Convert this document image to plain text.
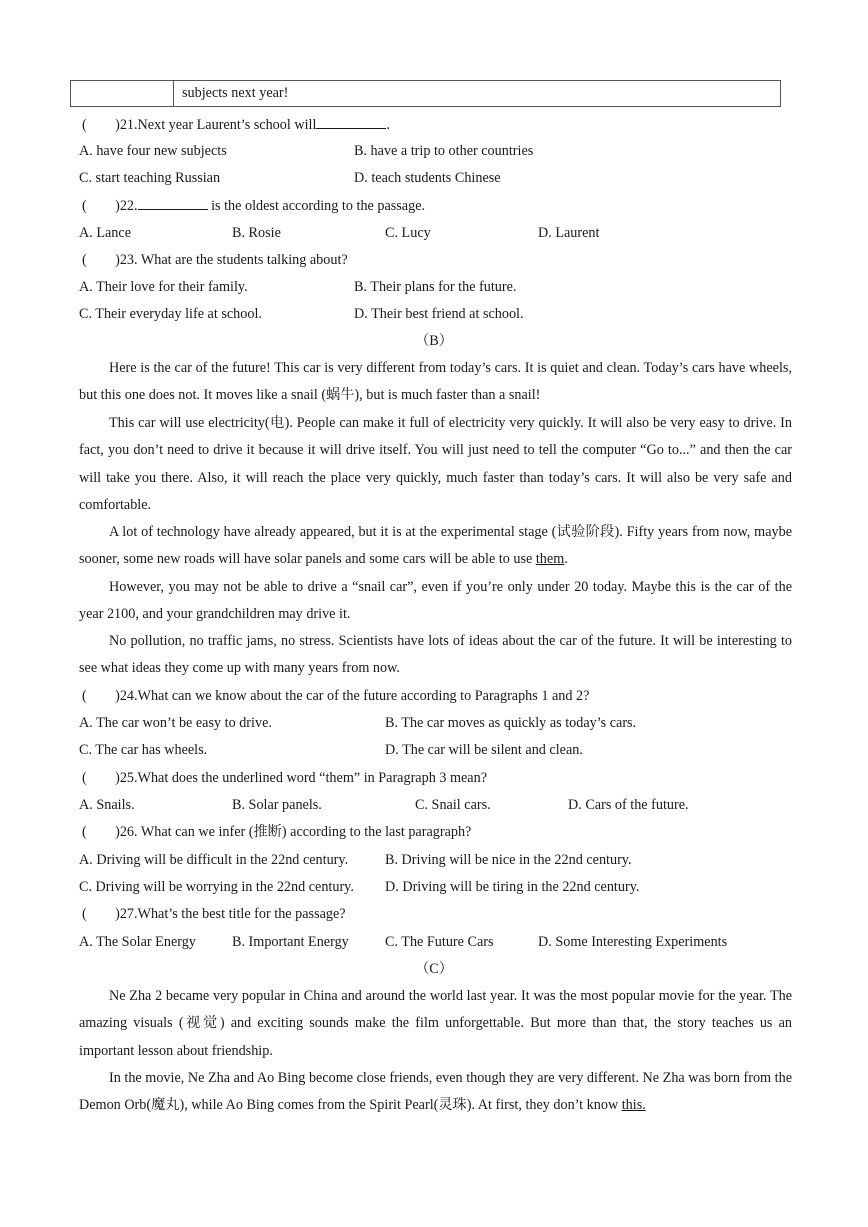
subjects next year!
(　　)21.Next year Laurent’s school will	.
A. have four new subjects	B. have a trip to other countries
C. start teaching Russian	D. teach students Chinese
(　　)22.	is the oldest according to the passage.
A. Lance	B. Rosie	C. Lucy	D. Laurent
(　　)23. What are the students talking about?
A. Their love for their family.	B. Their plans for the future.
C. Their everyday life at school.	D. Their best friend at school.
（B）
Here is the car of the future! This car is very different from today’s cars. It is quiet and clean. Today’s cars have wheels, but this one does not. It moves like a snail (蜗牛), but is much faster than a snail!
This car will use electricity(电). People can make it full of electricity very quickly. It will also be very easy to drive. In fact, you don’t need to drive it because it will drive itself. You will just need to tell the computer “Go to...” and then the car will take you there. Also, it will reach the place very quickly, much faster than today’s cars. It will also be very safe and comfortable.
A lot of technology have already appeared, but it is at the experimental stage (试验阶段). Fifty years from now, maybe sooner, some new roads will have solar panels and some cars will be able to use them.
However, you may not be able to drive a “snail car”, even if you’re only under 20 today. Maybe this is the car of the year 2100, and your grandchildren may drive it.
No pollution, no traffic jams, no stress. Scientists have lots of ideas about the car of the future. It will be interesting to see what ideas they come up with many years from now.
(　　)24.What can we know about the car of the future according to Paragraphs 1 and 2?
A. The car won’t be easy to drive.	B. The car moves as quickly as today’s cars.
C. The car has wheels.	D. The car will be silent and clean.
(　　)25.What does the underlined word “them” in Paragraph 3 mean?
A. Snails.	B. Solar panels.	C. Snail cars.	D. Cars of the future.
(　　)26. What can we infer (推断) according to the last paragraph?
A. Driving will be difficult in the 22nd century.	B. Driving will be nice in the 22nd century.
C. Driving will be worrying in the 22nd century. D. Driving will be tiring in the 22nd century.
(　　)27.What’s the best title for the passage?
A. The Solar Energy	B. Important Energy	C. The Future Cars	D. Some Interesting Experiments
（C）
Ne Zha 2 became very popular in China and around the world last year. It was the most popular movie for the year. The amazing visuals (视觉) and exciting sounds make the film unforgettable. But more than that, the story teaches us an important lesson about friendship.
In the movie, Ne Zha and Ao Bing become close friends, even though they are very different. Ne Zha was born from the Demon Orb(魔丸), while Ao Bing comes from the Spirit Pearl(灵珠). At first, they don’t know this.
